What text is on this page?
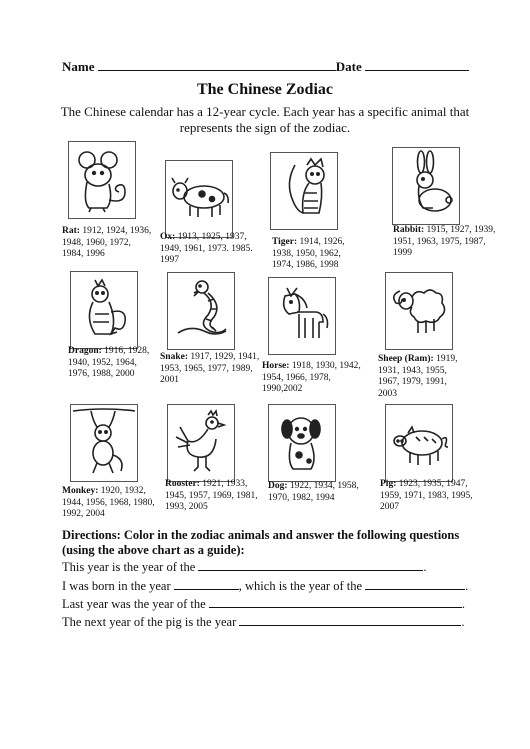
Name	Date
The Chinese Zodiac
The Chinese calendar has a 12-year cycle. Each year has a specific animal that represents the sign of the zodiac.
Rat: 1912, 1924, 1936, 1948, 1960, 1972, 1984, 1996
Ox: 1913, 1925, 1937, 1949, 1961, 1973. 1985. 1997
Tiger: 1914, 1926, 1938, 1950, 1962, 1974, 1986, 1998
Rabbit: 1915, 1927, 1939, 1951, 1963, 1975, 1987, 1999
Dragon: 1916, 1928, 1940, 1952, 1964, 1976, 1988, 2000
Snake: 1917, 1929, 1941, 1953, 1965, 1977, 1989, 2001
Horse: 1918, 1930, 1942, 1954, 1966, 1978, 1990,2002
Sheep (Ram): 1919, 1931, 1943, 1955, 1967, 1979, 1991, 2003
Monkey: 1920, 1932, 1944, 1956, 1968, 1980, 1992, 2004
Rooster: 1921, 1933, 1945, 1957, 1969, 1981, 1993, 2005
Dog: 1922, 1934, 1958, 1970, 1982, 1994
Pig: 1923, 1935, 1947, 1959, 1971, 1983, 1995, 2007
Directions: Color in the zodiac animals and answer the following questions (using the above chart as a guide):
This year is the year of the	.
I was born in the year	, which is the year of the	.
Last year was the year of the	.
The next year of the pig is the year	.
